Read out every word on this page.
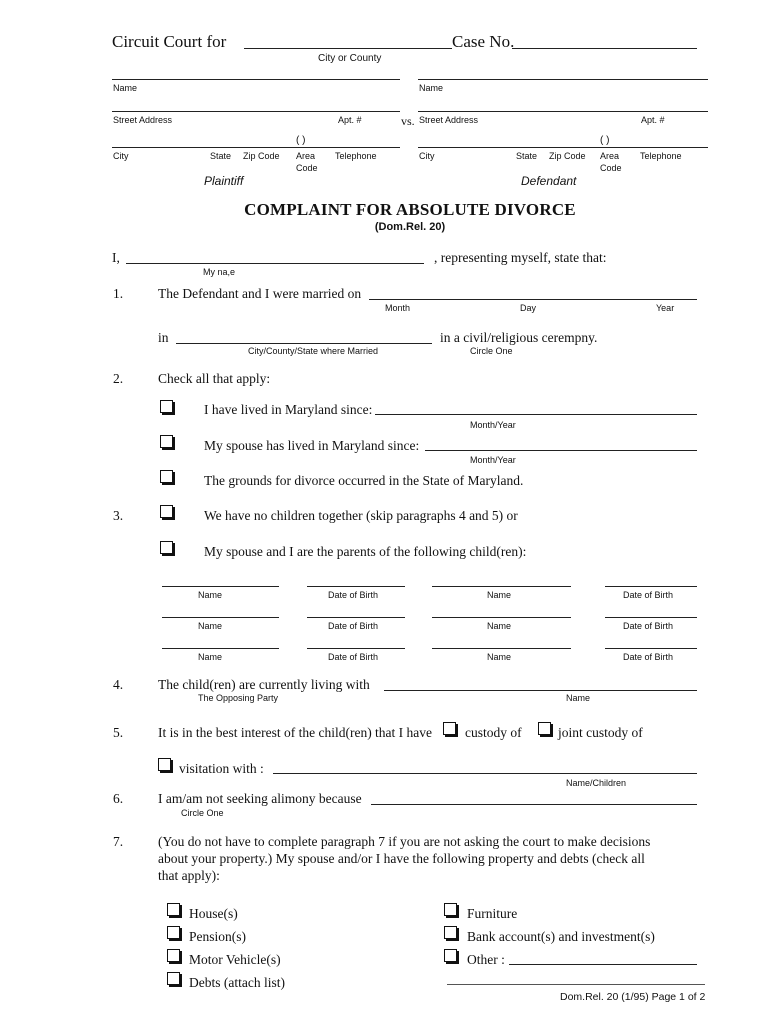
Circuit Court for	Case No.
City or County
Name
Street Address	Apt. #
( )
City	State Zip Code Area
Code
Telephone
Plaintiff
vs.
Name
Street Address	Apt. #
( )
City	State Zip Code Area
Code
Telephone
Defendant
COMPLAINT FOR ABSOLUTE DIVORCE
(Dom.Rel. 20)
I,	, representing myself, state that:
My na,e
1.	The Defendant and I were married on
Month	Day	Year
in	in a civil/religious cerempny.
City/County/State where Married	Circle One
2.	Check all that apply:
I have lived in Maryland since:
Month/Year
My spouse has lived in Maryland since:
Month/Year
The grounds for divorce occurred in the State of Maryland.
3.	We have no children together (skip paragraphs 4 and 5) or
My spouse and I are the parents of the following child(ren):
Name	Date of Birth	Name	Date of Birth
Name	Date of Birth	Name	Date of Birth
Name	Date of Birth	Name	Date of Birth
4.	The child(ren) are currently living with
The Opposing Party	Name
5.	It is in the best interest of the child(ren) that I have custody of	joint custody of
visitation with :
Name/Children
6.	I am/am not seeking alimony because
Circle One
7.	(You do not have to complete paragraph 7 if you are not asking the court to make decisions
about your property.) My spouse and/or I have the following property and debts (check all
that apply):
House(s)
Pension(s)
Motor Vehicle(s)
Debts (attach list)
Furniture
Bank account(s) and investment(s)
Other :
Dom.Rel. 20 (1/95) Page 1 of 2
